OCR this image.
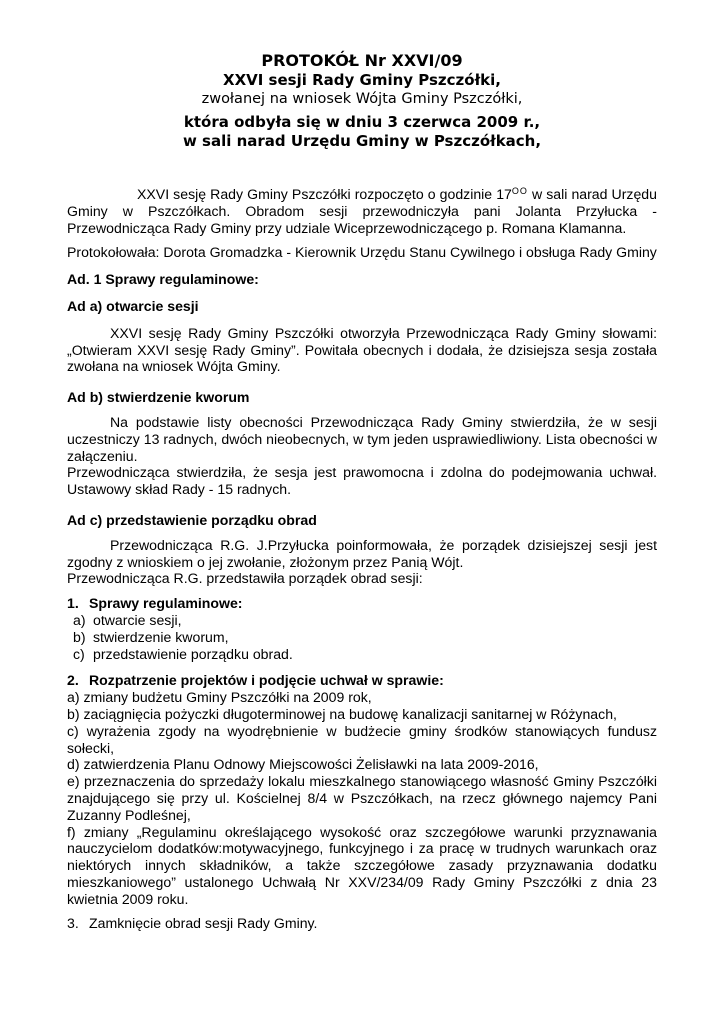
PROTOKÓŁ Nr XXVI/09
XXVI sesji Rady Gminy Pszczółki,
zwołanej na wniosek Wójta Gminy Pszczółki,
która odbyła się w dniu 3 czerwca 2009 r.,
w sali narad Urzędu Gminy w Pszczółkach,

XXVI sesję Rady Gminy Pszczółki rozpoczęto o godzinie $17^{OO}$ w sali narad Urzędu Gminy w Pszczółkach. Obradom sesji przewodniczyła pani Jolanta Przyłucka - Przewodnicząca Rady Gminy przy udziale Wiceprzewodniczącego p. Romana Klamanna.

Protokołowała: Dorota Gromadzka - Kierownik Urzędu Stanu Cywilnego i obsługa Rady Gminy

Ad. 1 Sprawy regulaminowe:

Ad a) otwarcie sesji

XXVI sesję Rady Gminy Pszczółki otworzyła Przewodnicząca Rady Gminy słowami: „Otwieram XXVI sesję Rady Gminy”. Powitała obecnych i dodała, że dzisiejsza sesja została zwołana na wniosek Wójta Gminy.

Ad b) stwierdzenie kworum

Na podstawie listy obecności Przewodnicząca Rady Gminy stwierdziła, że w sesji uczestniczy 13 radnych, dwóch nieobecnych, w tym jeden usprawiedliwiony. Lista obecności w załączeniu.

Przewodnicząca stwierdziła, że sesja jest prawomocna i zdolna do podejmowania uchwał. Ustawowy skład Rady - 15 radnych.

Ad c) przedstawienie porządku obrad

Przewodnicząca R.G. J.Przyłucka poinformowała, że porządek dzisiejszej sesji jest zgodny z wnioskiem o jej zwołanie, złożonym przez Panią Wójt.

Przewodnicząca R.G. przedstawiła porządek obrad sesji:

1. Sprawy regulaminowe:
a) otwarcie sesji,
b) stwierdzenie kworum,
c) przedstawienie porządku obrad.
2. Rozpatrzenie projektów i podjęcie uchwał w sprawie:

a) zmiany budżetu Gminy Pszczółki na 2009 rok,

b) zaciągnięcia pożyczki długoterminowej na budowę kanalizacji sanitarnej w Różynach,

c) wyrażenia zgody na wyodrębnienie w budżecie gminy środków stanowiących fundusz sołecki,

d) zatwierdzenia Planu Odnowy Miejscowości Żelisławki na lata 2009-2016,

e) przeznaczenia do sprzedaży lokalu mieszkalnego stanowiącego własność Gminy Pszczółki znajdującego się przy ul. Kościelnej 8/4 w Pszczółkach, na rzecz głównego najemcy Pani Zuzanny Podleśnej,

f) zmiany „Regulaminu określającego wysokość oraz szczegółowe warunki przyznawania nauczycielom dodatków:motywacyjnego, funkcyjnego i za pracę w trudnych warunkach oraz niektórych innych składników, a także szczegółowe zasady przyznawania dodatku mieszkaniowego” ustalonego Uchwałą Nr XXV/234/09 Rady Gminy Pszczółki z dnia 23 kwietnia 2009 roku.

3. Zamknięcie obrad sesji Rady Gminy.
